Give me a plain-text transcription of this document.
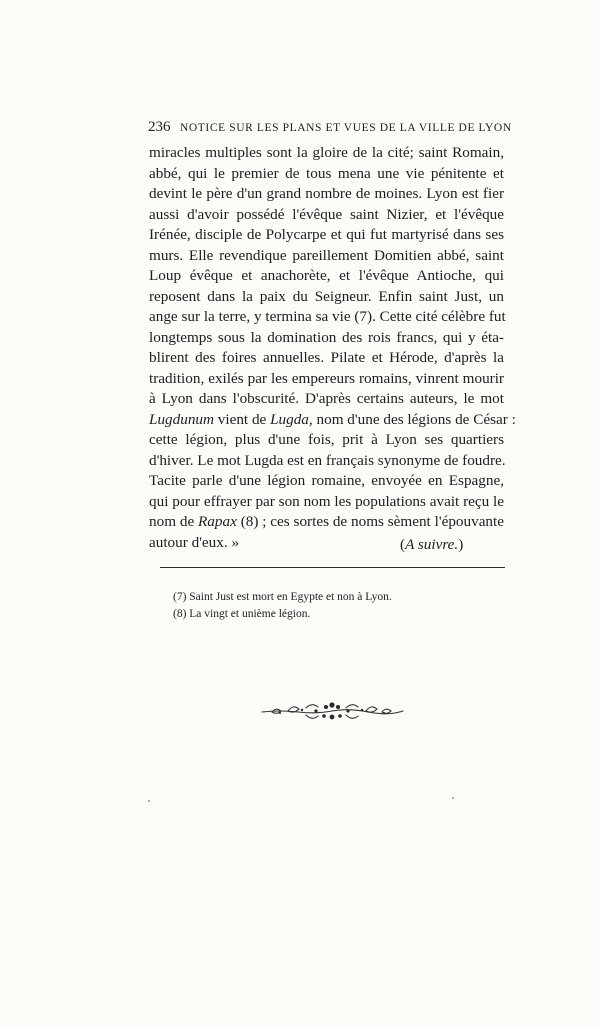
236 NOTICE SUR LES PLANS ET VUES DE LA VILLE DE LYON
miracles multiples sont la gloire de la cité; saint Romain,
abbé, qui le premier de tous mena une vie pénitente et
devint le père d'un grand nombre de moines. Lyon est fier
aussi d'avoir possédé l'évêque saint Nizier, et l'évêque
Irénée, disciple de Polycarpe et qui fut martyrisé dans ses
murs. Elle revendique pareillement Domitien abbé, saint
Loup évêque et anachorète, et l'évêque Antioche, qui
reposent dans la paix du Seigneur. Enfin saint Just, un
ange sur la terre, y termina sa vie (7). Cette cité célèbre fut
longtemps sous la domination des rois francs, qui y éta-
blirent des foires annuelles. Pilate et Hérode, d'après la
tradition, exilés par les empereurs romains, vinrent mourir
à Lyon dans l'obscurité. D'après certains auteurs, le mot
Lugdunum vient de Lugda, nom d'une des légions de César :
cette légion, plus d'une fois, prit à Lyon ses quartiers
d'hiver. Le mot Lugda est en français synonyme de foudre.
Tacite parle d'une légion romaine, envoyée en Espagne,
qui pour effrayer par son nom les populations avait reçu le
nom de Rapax (8) ; ces sortes de noms sèment l'épouvante
autour d'eux. »	(A suivre.)
(7) Saint Just est mort en Egypte et non à Lyon.
(8) La vingt et unième légion.
